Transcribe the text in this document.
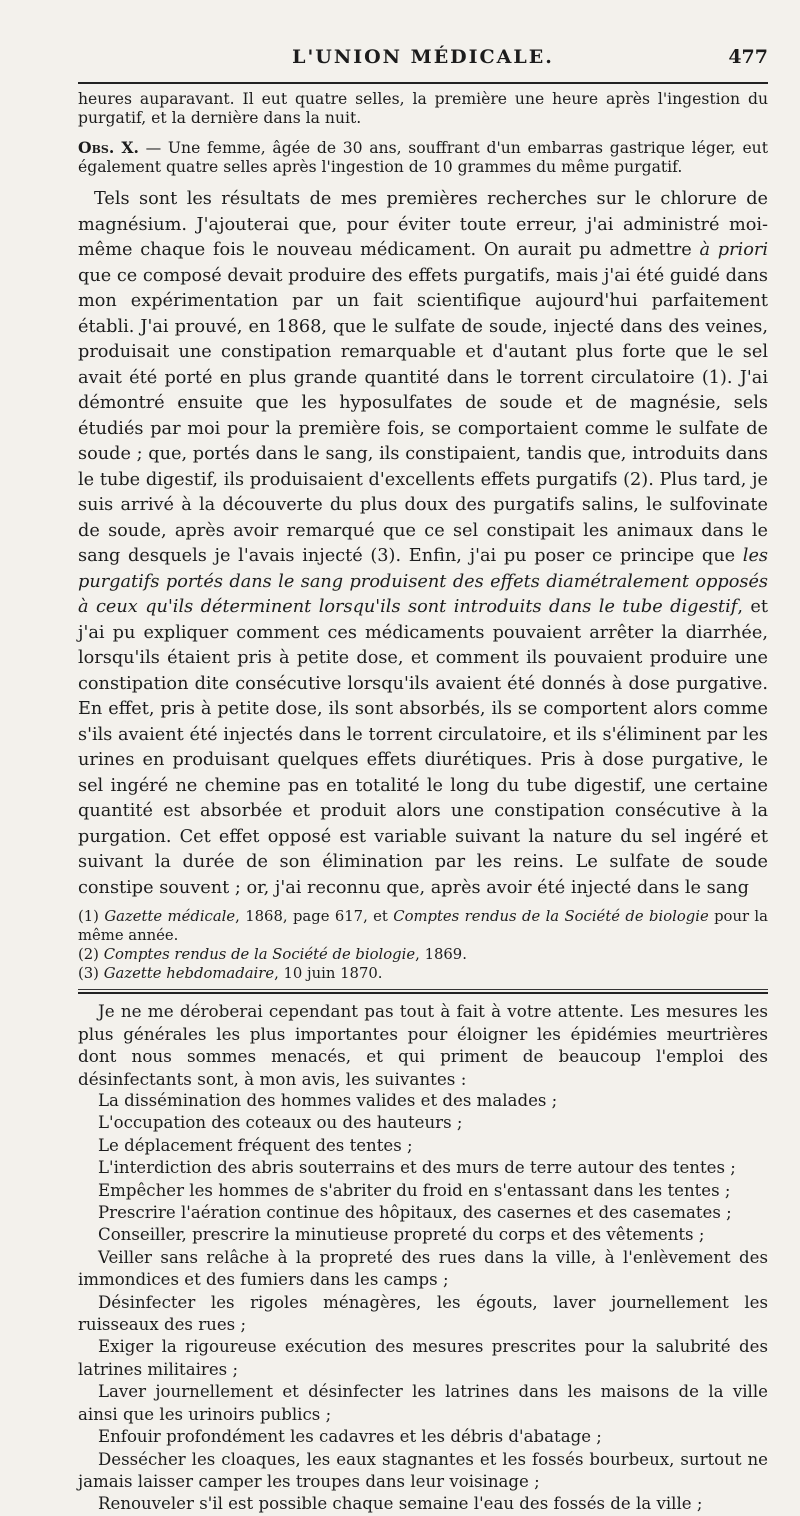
L'UNION MÉDICALE.	477

heures auparavant. Il eut quatre selles, la première une heure après l'ingestion du purgatif, et la dernière dans la nuit.

Obs. X. — Une femme, âgée de 30 ans, souffrant d'un embarras gastrique léger, eut également quatre selles après l'ingestion de 10 grammes du même purgatif.

Tels sont les résultats de mes premières recherches sur le chlorure de magnésium. J'ajouterai que, pour éviter toute erreur, j'ai administré moi-même chaque fois le nouveau médicament. On aurait pu admettre à priori que ce composé devait produire des effets purgatifs, mais j'ai été guidé dans mon expérimentation par un fait scientifique aujourd'hui parfaitement établi. J'ai prouvé, en 1868, que le sulfate de soude, injecté dans des veines, produisait une constipation remarquable et d'autant plus forte que le sel avait été porté en plus grande quantité dans le torrent circulatoire (1). J'ai démontré ensuite que les hyposulfates de soude et de magnésie, sels étudiés par moi pour la première fois, se comportaient comme le sulfate de soude ; que, portés dans le sang, ils constipaient, tandis que, introduits dans le tube digestif, ils produisaient d'excellents effets purgatifs (2). Plus tard, je suis arrivé à la découverte du plus doux des purgatifs salins, le sulfovinate de soude, après avoir remarqué que ce sel constipait les animaux dans le sang desquels je l'avais injecté (3). Enfin, j'ai pu poser ce principe que les purgatifs portés dans le sang produisent des effets diamétralement opposés à ceux qu'ils déterminent lorsqu'ils sont introduits dans le tube digestif, et j'ai pu expliquer comment ces médicaments pouvaient arrêter la diarrhée, lorsqu'ils étaient pris à petite dose, et comment ils pouvaient produire une constipation dite consécutive lorsqu'ils avaient été donnés à dose purgative. En effet, pris à petite dose, ils sont absorbés, ils se comportent alors comme s'ils avaient été injectés dans le torrent circulatoire, et ils s'éliminent par les urines en produisant quelques effets diurétiques. Pris à dose purgative, le sel ingéré ne chemine pas en totalité le long du tube digestif, une certaine quantité est absorbée et produit alors une constipation consécutive à la purgation. Cet effet opposé est variable suivant la nature du sel ingéré et suivant la durée de son élimination par les reins. Le sulfate de soude constipe souvent ; or, j'ai reconnu que, après avoir été injecté dans le sang

(1) Gazette médicale, 1868, page 617, et Comptes rendus de la Société de biologie pour la même année.

(2) Comptes rendus de la Société de biologie, 1869.

(3) Gazette hebdomadaire, 10 juin 1870.

Je ne me déroberai cependant pas tout à fait à votre attente. Les mesures les plus générales les plus importantes pour éloigner les épidémies meurtrières dont nous sommes menacés, et qui priment de beaucoup l'emploi des désinfectants sont, à mon avis, les suivantes :

La dissémination des hommes valides et des malades ;
L'occupation des coteaux ou des hauteurs ;
Le déplacement fréquent des tentes ;
L'interdiction des abris souterrains et des murs de terre autour des tentes ;
Empêcher les hommes de s'abriter du froid en s'entassant dans les tentes ;
Prescrire l'aération continue des hôpitaux, des casernes et des casemates ;
Conseiller, prescrire la minutieuse propreté du corps et des vêtements ;
Veiller sans relâche à la propreté des rues dans la ville, à l'enlèvement des immondices et des fumiers dans les camps ;
Désinfecter les rigoles ménagères, les égouts, laver journellement les ruisseaux des rues ;
Exiger la rigoureuse exécution des mesures prescrites pour la salubrité des latrines militaires ;
Laver journellement et désinfecter les latrines dans les maisons de la ville ainsi que les urinoirs publics ;
Enfouir profondément les cadavres et les débris d'abatage ;
Dessécher les cloaques, les eaux stagnantes et les fossés bourbeux, surtout ne jamais laisser camper les troupes dans leur voisinage ;
Renouveler s'il est possible chaque semaine l'eau des fossés de la ville ;
